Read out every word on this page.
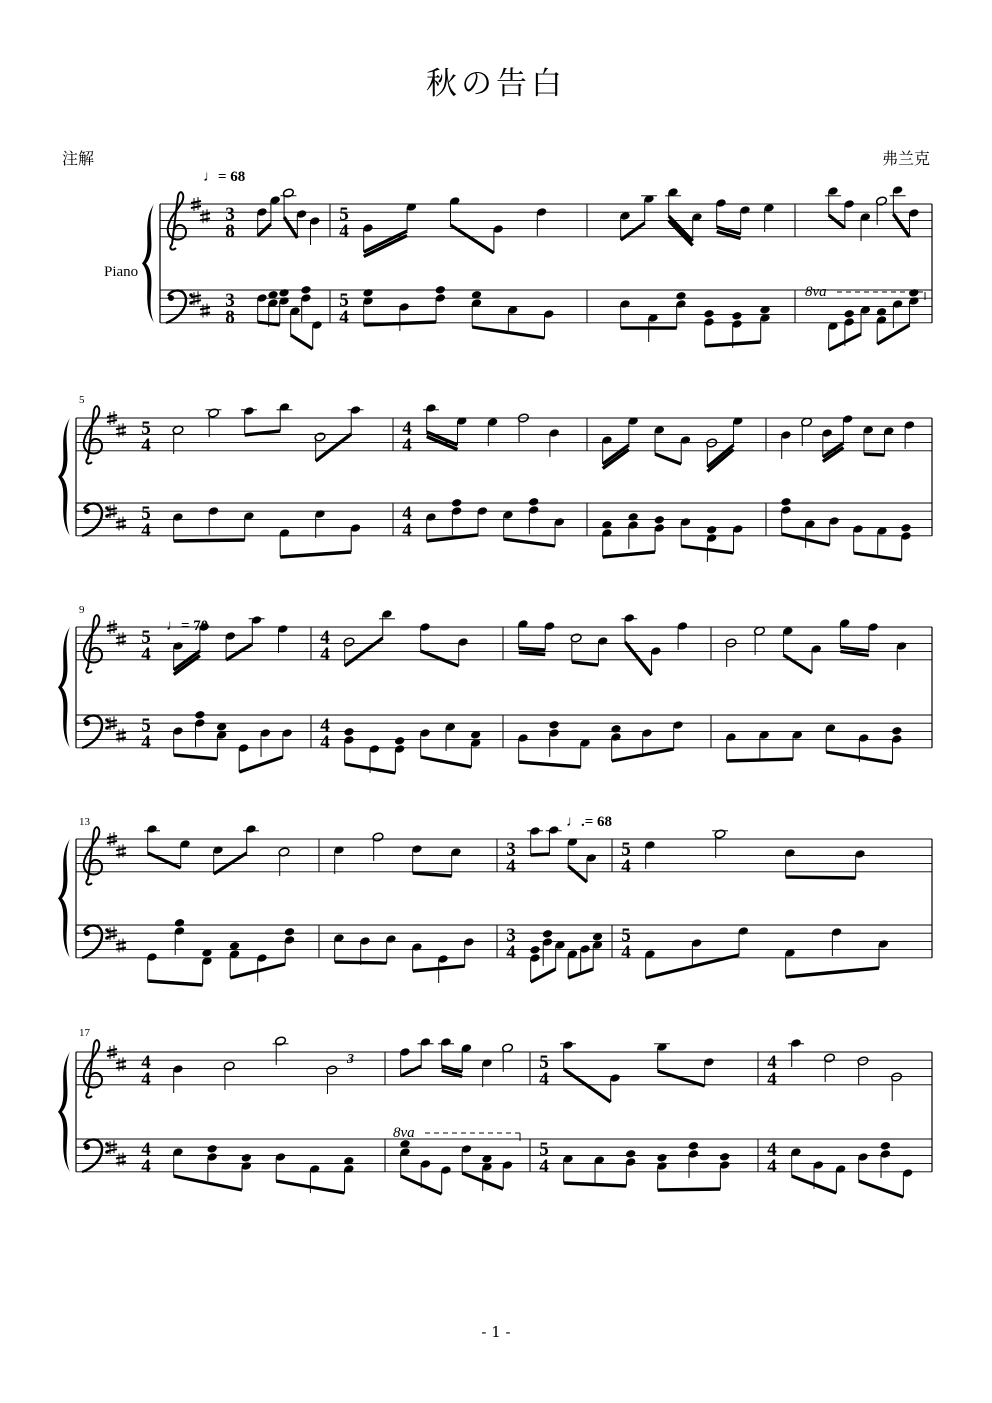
秋の告白
注解	弗兰克
3
8
3
8
5
4
5
4
5
4
5
4
4
4
4
4
5
4
5
4
4
4
4
4
3
4
3
4
5
4
5
4
4
4
4
4
5
4
5
4
4
4
4
4
♩= 68
♩= 70
♩.= 68
Piano
5
9
13
17
8va
8va
3
- 1 -
